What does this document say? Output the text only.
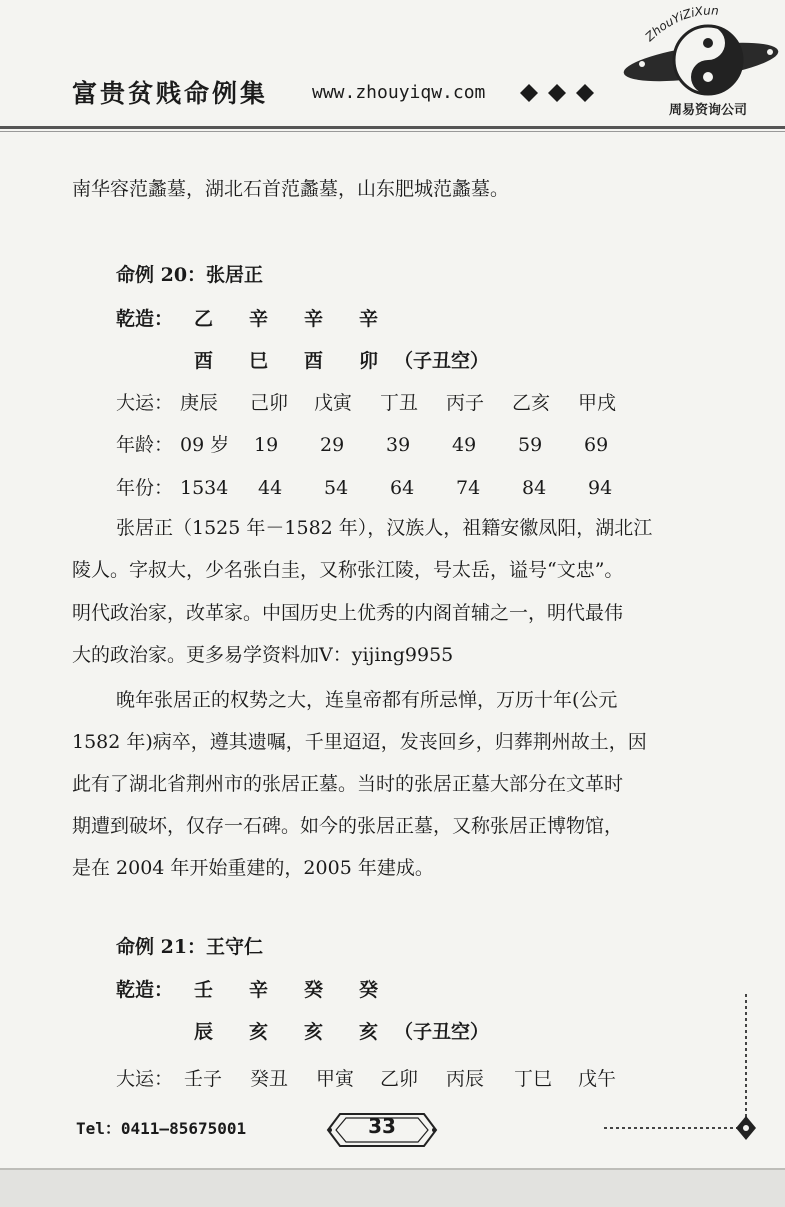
富贵贫贱命例集 www.zhouyiqw.com
ZhouYiZiXun
周易资询公司
南华容范蠡墓，湖北石首范蠡墓，山东肥城范蠡墓。
命例 20：张居正
乾造： 乙 辛 辛 辛
酉 巳 酉 卯 （子丑空）
大运： 庚辰 己卯 戊寅 丁丑 丙子 乙亥 甲戌
年龄： 09 岁 19 29 39 49 59 69
年份： 1534 44 54 64 74 84 94
张居正（1525 年－1582 年），汉族人，祖籍安徽凤阳，湖北江
陵人。字叔大，少名张白圭，又称张江陵，号太岳，谥号“文忠”。
明代政治家，改革家。中国历史上优秀的内阁首辅之一，明代最伟
大的政治家。更多易学资料加V：yijing9955
晚年张居正的权势之大，连皇帝都有所忌惮，万历十年(公元
1582 年)病卒，遵其遗嘱，千里迢迢，发丧回乡，归葬荆州故土，因
此有了湖北省荆州市的张居正墓。当时的张居正墓大部分在文革时
期遭到破坏，仅存一石碑。如今的张居正墓，又称张居正博物馆，
是在 2004 年开始重建的，2005 年建成。
命例 21：王守仁
乾造： 壬 辛 癸 癸
辰 亥 亥 亥 （子丑空）
大运： 壬子 癸丑 甲寅 乙卯 丙辰 丁巳 戊午
Tel：0411—85675001	33
